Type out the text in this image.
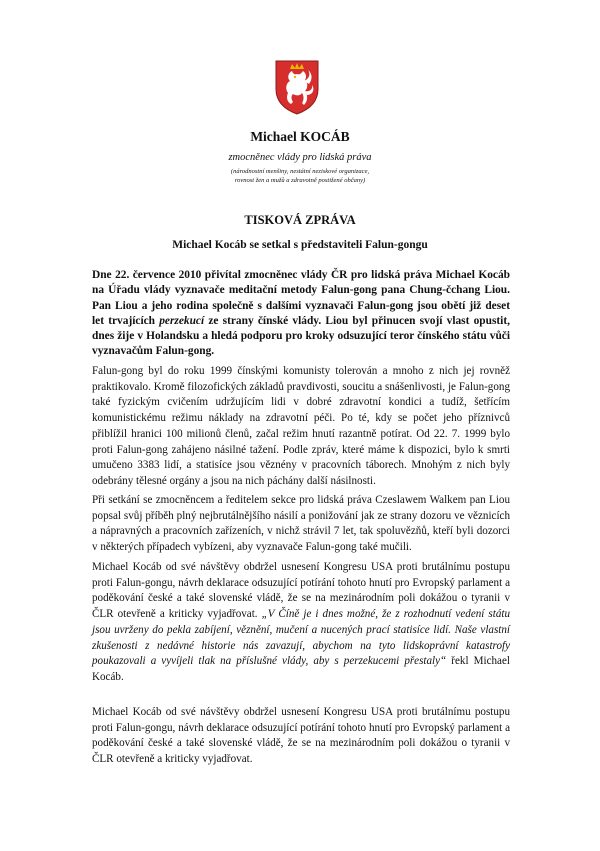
Michael KOCÁB
zmocněnec vlády pro lidská práva
(národnostní menšiny, nestátní neziskové organizace,
rovnost žen a mužů a zdravotně postižené občany)
TISKOVÁ ZPRÁVA
Michael Kocáb se setkal s představiteli Falun-gongu

Dne 22. července 2010 přivítal zmocněnec vlády ČR pro lidská práva Michael Kocáb na Úřadu vlády vyznavače meditační metody Falun-gong pana Chung-čchang Liou. Pan Liou a jeho rodina společně s dalšími vyznavači Falun-gong jsou obětí již deset let trvajících perzekucí ze strany čínské vlády. Liou byl přinucen svojí vlast opustit, dnes žije v Holandsku a hledá podporu pro kroky odsuzující teror čínského státu vůči vyznavačům Falun-gong.

Falun-gong byl do roku 1999 čínskými komunisty tolerován a mnoho z nich jej rovněž praktikovalo. Kromě filozofických základů pravdivosti, soucitu a snášenlivosti, je Falun-gong také fyzickým cvičením udržujícím lidi v dobré zdravotní kondici a tudíž, šetřícím komunistickému režimu náklady na zdravotní péči. Po té, kdy se počet jeho příznivců přiblížil hranici 100 milionů členů, začal režim hnutí razantně potírat. Od 22. 7. 1999 bylo proti Falun-gong zahájeno násilné tažení. Podle zpráv, které máme k dispozici, bylo k smrti umučeno 3383 lidí, a statisíce jsou věznény v pracovních táborech. Mnohým z nich byly odebrány tělesné orgány a jsou na nich páchány další násilnosti.

Při setkání se zmocněncem a ředitelem sekce pro lidská práva Czeslawem Walkem pan Liou popsal svůj příběh plný nejbrutálnějšího násilí a ponižování jak ze strany dozoru ve věznicích a nápravných a pracovních zařízeních, v nichž strávil 7 let, tak spoluvězňů, kteří byli dozorci v některých případech vybízeni, aby vyznavače Falun-gong také mučili.

Michael Kocáb od své návštěvy obdržel usnesení Kongresu USA proti brutálnímu postupu proti Falun-gongu, návrh deklarace odsuzující potírání tohoto hnutí pro Evropský parlament a poděkování české a také slovenské vládě, že se na mezinárodním poli dokážou o tyranii v ČLR otevřeně a kriticky vyjadřovat. „V Číně je i dnes možné, že z rozhodnutí vedení státu jsou uvrženy do pekla zabíjení, věznění, mučení a nucených prací statisíce lidí. Naše vlastní zkušenosti z nedávné historie nás zavazují, abychom na tyto lidskoprávní katastrofy poukazovali a vyvíjeli tlak na příslušné vlády, aby s perzekucemi přestaly“ řekl Michael Kocáb.

Michael Kocáb od své návštěvy obdržel usnesení Kongresu USA proti brutálnímu postupu proti Falun-gongu, návrh deklarace odsuzující potírání tohoto hnutí pro Evropský parlament a poděkování české a také slovenské vládě, že se na mezinárodním poli dokážou o tyranii v ČLR otevřeně a kriticky vyjadřovat.
